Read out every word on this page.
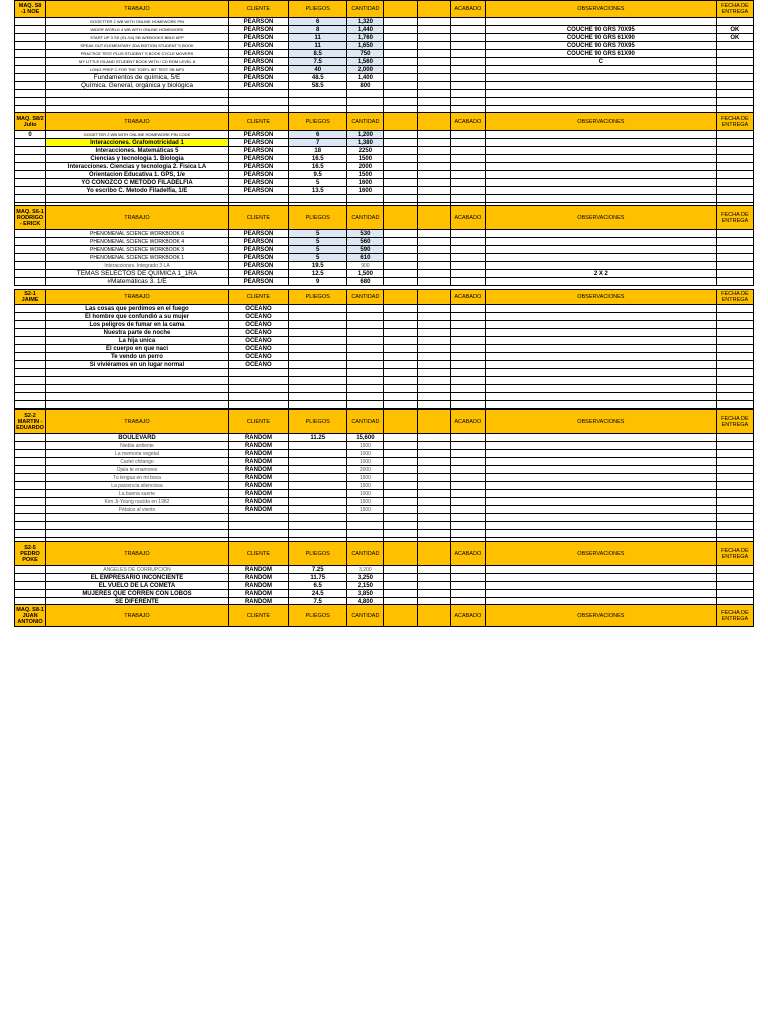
MAQ. S8 -1 NOE	TRABAJO	CLIENTE	PLIEGOS	CANTIDAD			ACABADO	OBSERVACIONES	FECHA DE ENTREGA
	GOGETTER 2 WB WITH ONLINE HOMEWORK PIN	PEARSON	6	1,320					
	WIDER WORLD 4 WB WITH ONLINE HOMEWORK	PEARSON	8	1,440				COUCHE 90 GRS 70X95	OK
	START UP 3 SS (S1-S4) SB W/EBOOKS BBLE APP	PEARSON	11	1,760				COUCHE 90 GRS 61X90	OK
	SPEAK OUT ELEMENTARY 2DA EDITION STUDENT´S BOOK	PEARSON	11	1,650				COUCHE 90 GRS 70X95	
	PRACTICE TEST PLUS STUDENT´S BOOK CYCLE MOVERS	PEARSON	8.5	750				COUCHE 90 GRS 61X90	
	MY LITTLE ISLAND STUDENT BOOK WITH / CD ROM LEVEL 8	PEARSON	7.5	1,560				C	
	LONG PREP C FOR THE TOEFL IBT TEST SB MP3	PEARSON	40	2,000					
	Fundamentos de química, 5/E	PEARSON	48.5	1,400					
	Química. General, orgánica y biológica	PEARSON	58.5	800					

MAQ. S8/2 Julio	TRABAJO	CLIENTE	PLIEGOS	CANTIDAD			ACABADO	OBSERVACIONES	FECHA DE ENTREGA
0	GOGETTER 2 WB WITH ONLINE HOMEWORK PIN CODE	PEARSON	6	1,200					
	Interacciones. Grafomotricidad 1	PEARSON	7	1,380					
	Interacciones. Matemáticas 5	PEARSON	18	2250					
	Ciencias y tecnologia 1. Biologia	PEARSON	16.5	1500					
	Interacciones. Ciencias y tecnologia 2. Fisica LA	PEARSON	16.5	2000					
	Orientacion Educativa 1. GPS, 1/e	PEARSON	9.5	1500					
	YO CONOZCO C METODO FILADELFIA	PEARSON	5	1600					
	Yo escribo C. Metodo Filadelfia, 1/E	PEARSON	13.5	1600					

MAQ. S6-1 RODRIGO - ERICK	TRABAJO	CLIENTE	PLIEGOS	CANTIDAD			ACABADO	OBSERVACIONES	FECHA DE ENTREGA
	PHENOMENAL SCIENCE WORKBOOK 6	PEARSON	5	530					
	PHENOMENAL SCIENCE WORKBOOK 4	PEARSON	5	560					
	PHENOMENAL SCIENCE WORKBOOK 3	PEARSON	5	590					
	PHENOMENAL SCIENCE WORKBOOK 1	PEARSON	5	610					
	Interacciones. Integrado 3 LA	PEARSON	19.5	900					
	TEMAS SELECTOS DE QUIMICA 1_1RA	PEARSON	12.5	1,500				2 X 2	
	#Matemáticas 3. 1/E	PEARSON	9	680					
S2-1 JAIME	TRABAJO	CLIENTE	PLIEGOS	CANTIDAD			ACABADO	OBSERVACIONES	FECHA DE ENTREGA
	Las cosas que perdimos en el fuego	OCEANO							
	El hombre que confundió a su mujer	OCEANO							
	Los peligros de fumar en la cama	OCEANO							
	Nuestra parte de noche	OCEANO							
	La hija unica	OCEANO							
	El cuerpo en que naci	OCEANO							
	Te vendo un perro	OCEANO							
	Si viviéramos en un lugar normal	OCEANO							

S2-2 MARTIN - EDUARDO	TRABAJO	CLIENTE	PLIEGOS	CANTIDAD			ACABADO	OBSERVACIONES	FECHA DE ENTREGA
	BOULEVARD	RANDOM	11.25	15,600					
	Niebla ardiente	RANDOM		1500					
	La memoria vegetal	RANDOM		1000					
	Cartel chilango	RANDOM		1000					
	Ojala te enamores	RANDOM		2000					
	Tu lengua en mi boca	RANDOM		1500					
	La paciencia silenciosa	RANDOM		1500					
	La buena suerte	RANDOM		1000					
	Kim Ji-Young nacida en 1982	RANDOM		1500					
	Pétalos al viento	RANDOM		1500					

S2-5 PEDRO POKE	TRABAJO	CLIENTE	PLIEGOS	CANTIDAD			ACABADO	OBSERVACIONES	FECHA DE ENTREGA
	ANGELES DE CORRUPCIÓN	RANDOM	7.25	3,200					
	EL EMPRESARIO INCONCIENTE	RANDOM	11.75	3,250					
	EL VUELO DE LA COMETA	RANDOM	6.5	2,150					
	MUJERES QUE CORREN CON LOBOS	RANDOM	24.5	3,850					
	SE DIFERENTE	RANDOM	7.5	4,800					
MAQ. S8-1 JUAN ANTONIO	TRABAJO	CLIENTE	PLIEGOS	CANTIDAD			ACABADO	OBSERVACIONES	FECHA DE ENTREGA
